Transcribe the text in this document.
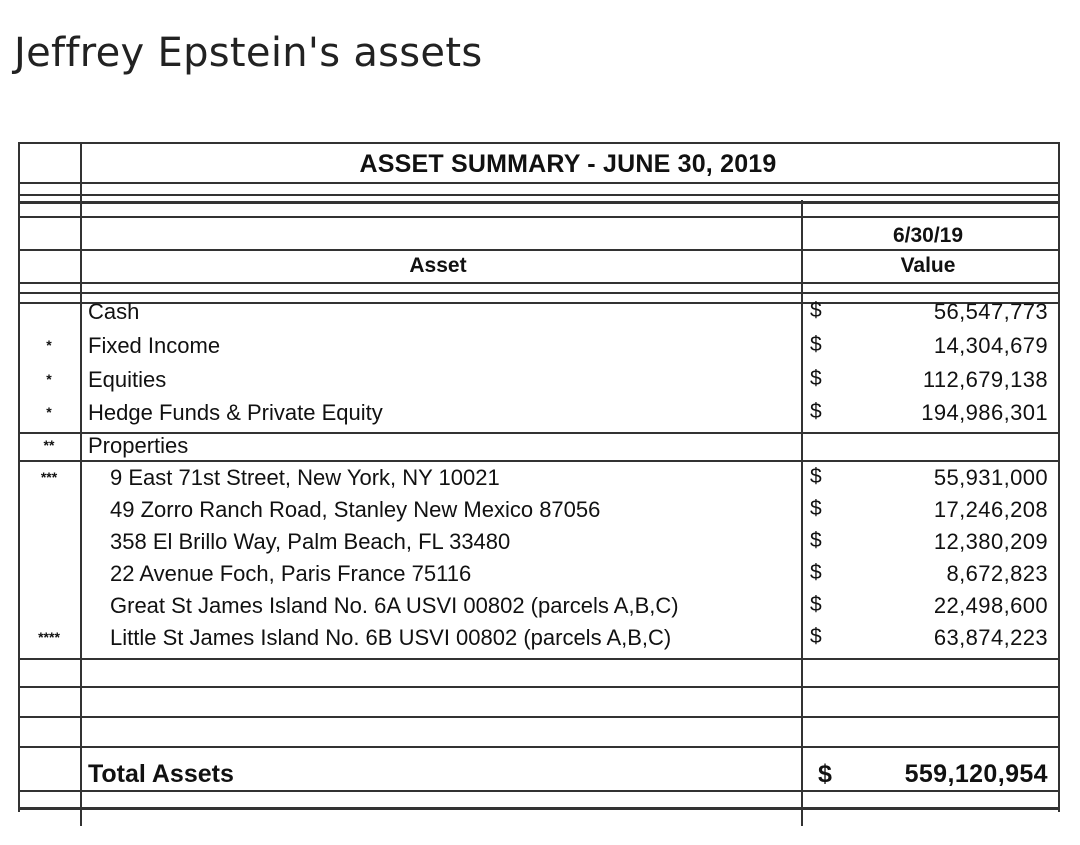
Jeffrey Epstein's assets
ASSET SUMMARY - JUNE 30, 2019
Asset
6/30/19
Value
Cash	$	56,547,773
*	Fixed Income	$	14,304,679
*	Equities	$	112,679,138
*	Hedge Funds & Private Equity	$	194,986,301
**	Properties
***	9 East 71st Street, New York, NY 10021	$	55,931,000
49 Zorro Ranch Road, Stanley New Mexico 87056	$	17,246,208
358 El Brillo Way, Palm Beach, FL 33480	$	12,380,209
22 Avenue Foch, Paris France 75116	$	8,672,823
Great St James Island No. 6A USVI 00802 (parcels A,B,C)	$	22,498,600
****	Little St James Island No. 6B USVI 00802 (parcels A,B,C)	$	63,874,223
Total Assets	$	559,120,954
